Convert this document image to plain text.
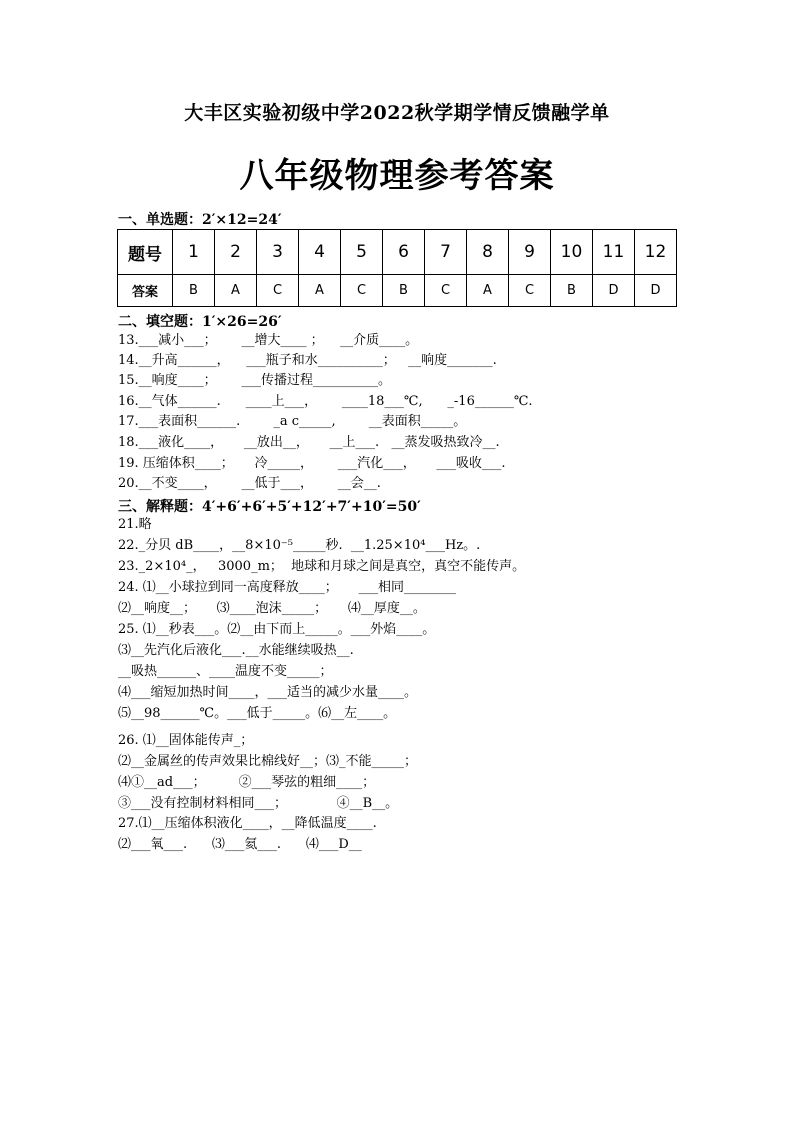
大丰区实验初级中学2022秋学期学情反馈融学单
八年级物理参考答案
一、单选题：2′×12=24′
题号	1	2	3	4	5	6	7	8	9	10	11	12
答案	B	A	C	A	C	B	C	A	C	B	D	D
二、填空题：1′×26=26′
13.___减小___；      __增大____ ；    __介质____。
14.__升高______，    ___瓶子和水__________；   __响度_______.
15.__响度____；      ___传播过程__________。
16.__气体______.      ____上___，      ____18___℃,      _-16______℃.
17.___表面积______.        _a c_____,        __表面积_____。
18.___液化____，     __放出__，     __上___.   __蒸发吸热致冷__.
19. 压缩体积____；     冷_____，      ___汽化___，     ___吸收___.
20.__不变____，      __低于___，      __会__.
三、解释题：4′+6′+6′+5′+12′+7′+10′=50′
21.略
22._分贝 dB____，__8×10⁻⁵_____秒.  __1.25×10⁴___Hz。.
23._2×10⁴_，   3000_m；  地球和月球之间是真空，真空不能传声。
24. ⑴__小球拉到同一高度释放____；     ___相同________
⑵__响度__；     ⑶____泡沫_____；     ⑷__厚度__。
25. ⑴__秒表___。⑵__由下而上_____。___外焰____。
⑶__先汽化后液化___.__水能继续吸热__.
__吸热______、____温度不变_____；
⑷___缩短加热时间____，___适当的减少水量____。
⑸__98______℃。___低于_____。⑹__左____。
26. ⑴__固体能传声_；
⑵__金属丝的传声效果比棉线好__；⑶_不能_____；
⑷①__ad___；        ②___琴弦的粗细____；
③___没有控制材料相同___；            ④__B__。
27.⑴__压缩体积液化____，__降低温度____.
⑵___氧___.      ⑶___氦___.      ⑷___D__
